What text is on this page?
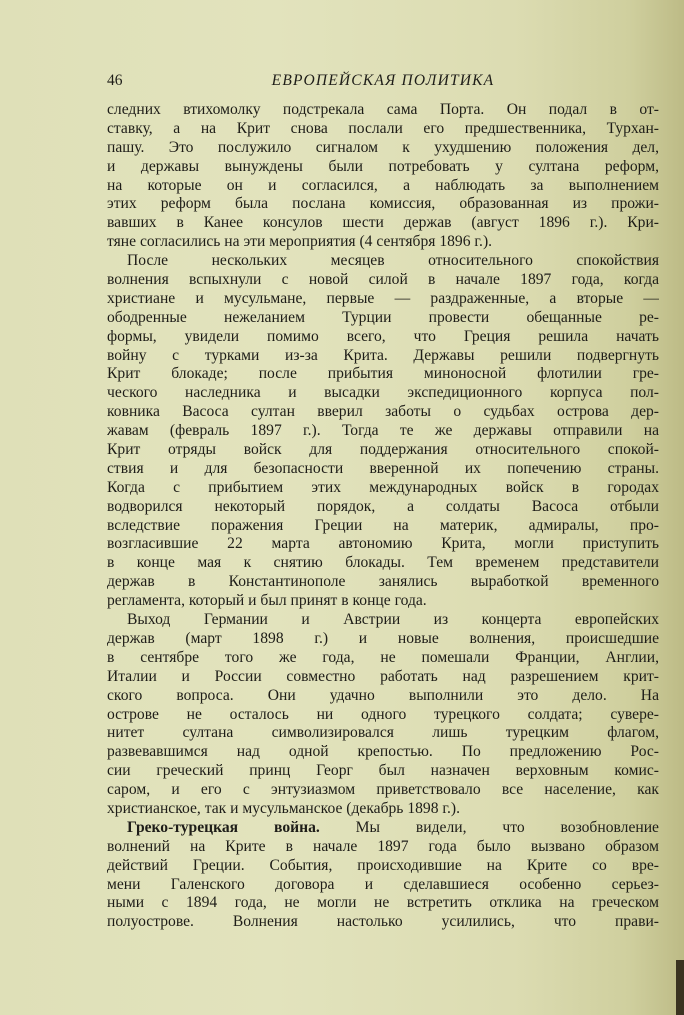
46	ЕВРОПЕЙСКАЯ ПОЛИТИКА
следних втихомолку подстрекала сама Порта. Он подал в от-
ставку, а на Крит снова послали его предшественника, Турхан-
пашу. Это послужило сигналом к ухудшению положения дел,
и державы вынуждены были потребовать у султана реформ,
на которые он и согласился, а наблюдать за выполнением
этих реформ была послана комиссия, образованная из прожи-
вавших в Канее консулов шести держав (август 1896 г.). Кри-
тяне согласились на эти мероприятия (4 сентября 1896 г.).
После нескольких месяцев относительного спокойствия
волнения вспыхнули с новой силой в начале 1897 года, когда
христиане и мусульмане, первые — раздраженные, а вторые —
ободренные нежеланием Турции провести обещанные ре-
формы, увидели помимо всего, что Греция решила начать
войну с турками из-за Крита. Державы решили подвергнуть
Крит блокаде; после прибытия миноносной флотилии гре-
ческого наследника и высадки экспедиционного корпуса пол-
ковника Васоса султан вверил заботы о судьбах острова дер-
жавам (февраль 1897 г.). Тогда те же державы отправили на
Крит отряды войск для поддержания относительного спокой-
ствия и для безопасности вверенной их попечению страны.
Когда с прибытием этих международных войск в городах
водворился некоторый порядок, а солдаты Васоса отбыли
вследствие поражения Греции на материк, адмиралы, про-
возгласившие 22 марта автономию Крита, могли приступить
в конце мая к снятию блокады. Тем временем представители
держав в Константинополе занялись выработкой временного
регламента, который и был принят в конце года.
Выход Германии и Австрии из концерта европейских
держав (март 1898 г.) и новые волнения, происшедшие
в сентябре того же года, не помешали Франции, Англии,
Италии и России совместно работать над разрешением крит-
ского вопроса. Они удачно выполнили это дело. На
острове не осталось ни одного турецкого солдата; сувере-
нитет султана символизировался лишь турецким флагом,
развевавшимся над одной крепостью. По предложению Рос-
сии греческий принц Георг был назначен верховным комис-
саром, и его с энтузиазмом приветствовало все население, как
христианское, так и мусульманское (декабрь 1898 г.).
Греко-турецкая война. Мы видели, что возобновление
волнений на Крите в начале 1897 года было вызвано образом
действий Греции. События, происходившие на Крите со вре-
мени Галенского договора и сделавшиеся особенно серьез-
ными с 1894 года, не могли не встретить отклика на греческом
полуострове. Волнения настолько усилились, что прави-
